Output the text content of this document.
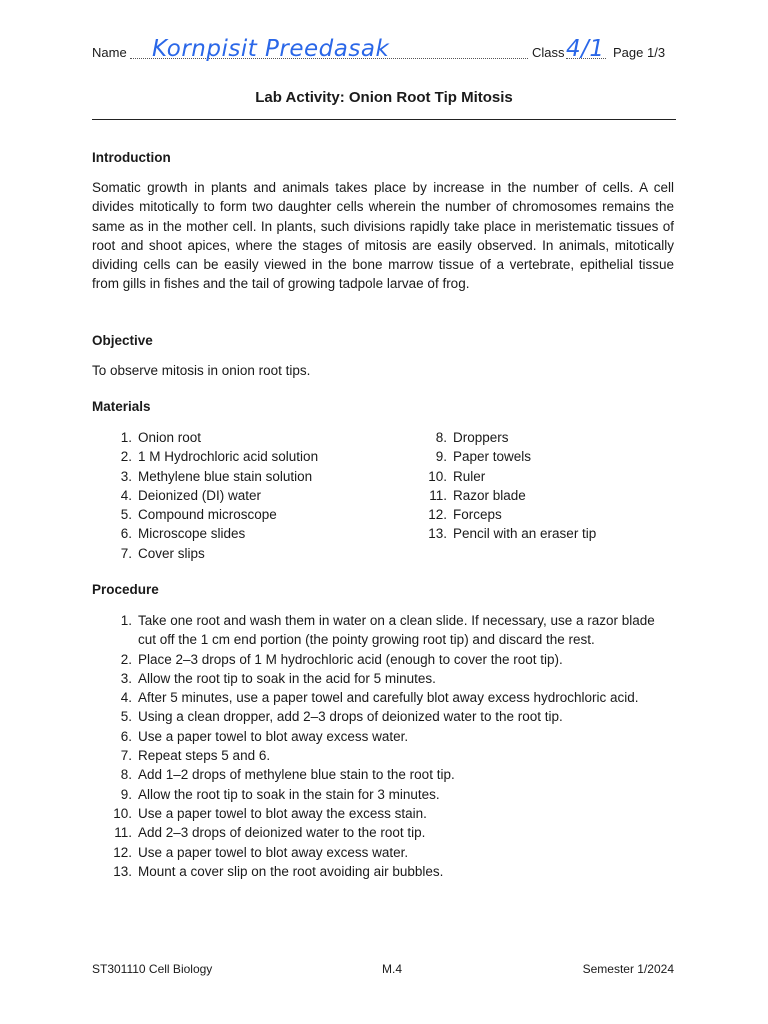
Name Kornpisit Preedasak	Class 4/1 Page 1/3
Lab Activity: Onion Root Tip Mitosis
Introduction

Somatic growth in plants and animals takes place by increase in the number of cells. A cell divides mitotically to form two daughter cells wherein the number of chromosomes remains the same as in the mother cell. In plants, such divisions rapidly take place in meristematic tissues of root and shoot apices, where the stages of mitosis are easily observed. In animals, mitotically dividing cells can be easily viewed in the bone marrow tissue of a vertebrate, epithelial tissue from gills in fishes and the tail of growing tadpole larvae of frog.

Objective

To observe mitosis in onion root tips.

Materials
1. Onion root
2. 1 M Hydrochloric acid solution
3. Methylene blue stain solution
4. Deionized (DI) water
5. Compound microscope
6. Microscope slides
7. Cover slips
8. Droppers
9. Paper towels
10. Ruler
11. Razor blade
12. Forceps
13. Pencil with an eraser tip
Procedure
1. Take one root and wash them in water on a clean slide. If necessary, use a razor blade cut off the 1 cm end portion (the pointy growing root tip) and discard the rest.
2. Place 2–3 drops of 1 M hydrochloric acid (enough to cover the root tip).
3. Allow the root tip to soak in the acid for 5 minutes.
4. After 5 minutes, use a paper towel and carefully blot away excess hydrochloric acid.
5. Using a clean dropper, add 2–3 drops of deionized water to the root tip.
6. Use a paper towel to blot away excess water.
7. Repeat steps 5 and 6.
8. Add 1–2 drops of methylene blue stain to the root tip.
9. Allow the root tip to soak in the stain for 3 minutes.
10. Use a paper towel to blot away the excess stain.
11. Add 2–3 drops of deionized water to the root tip.
12. Use a paper towel to blot away excess water.
13. Mount a cover slip on the root avoiding air bubbles.
ST301110 Cell Biology	M.4	Semester 1/2024
